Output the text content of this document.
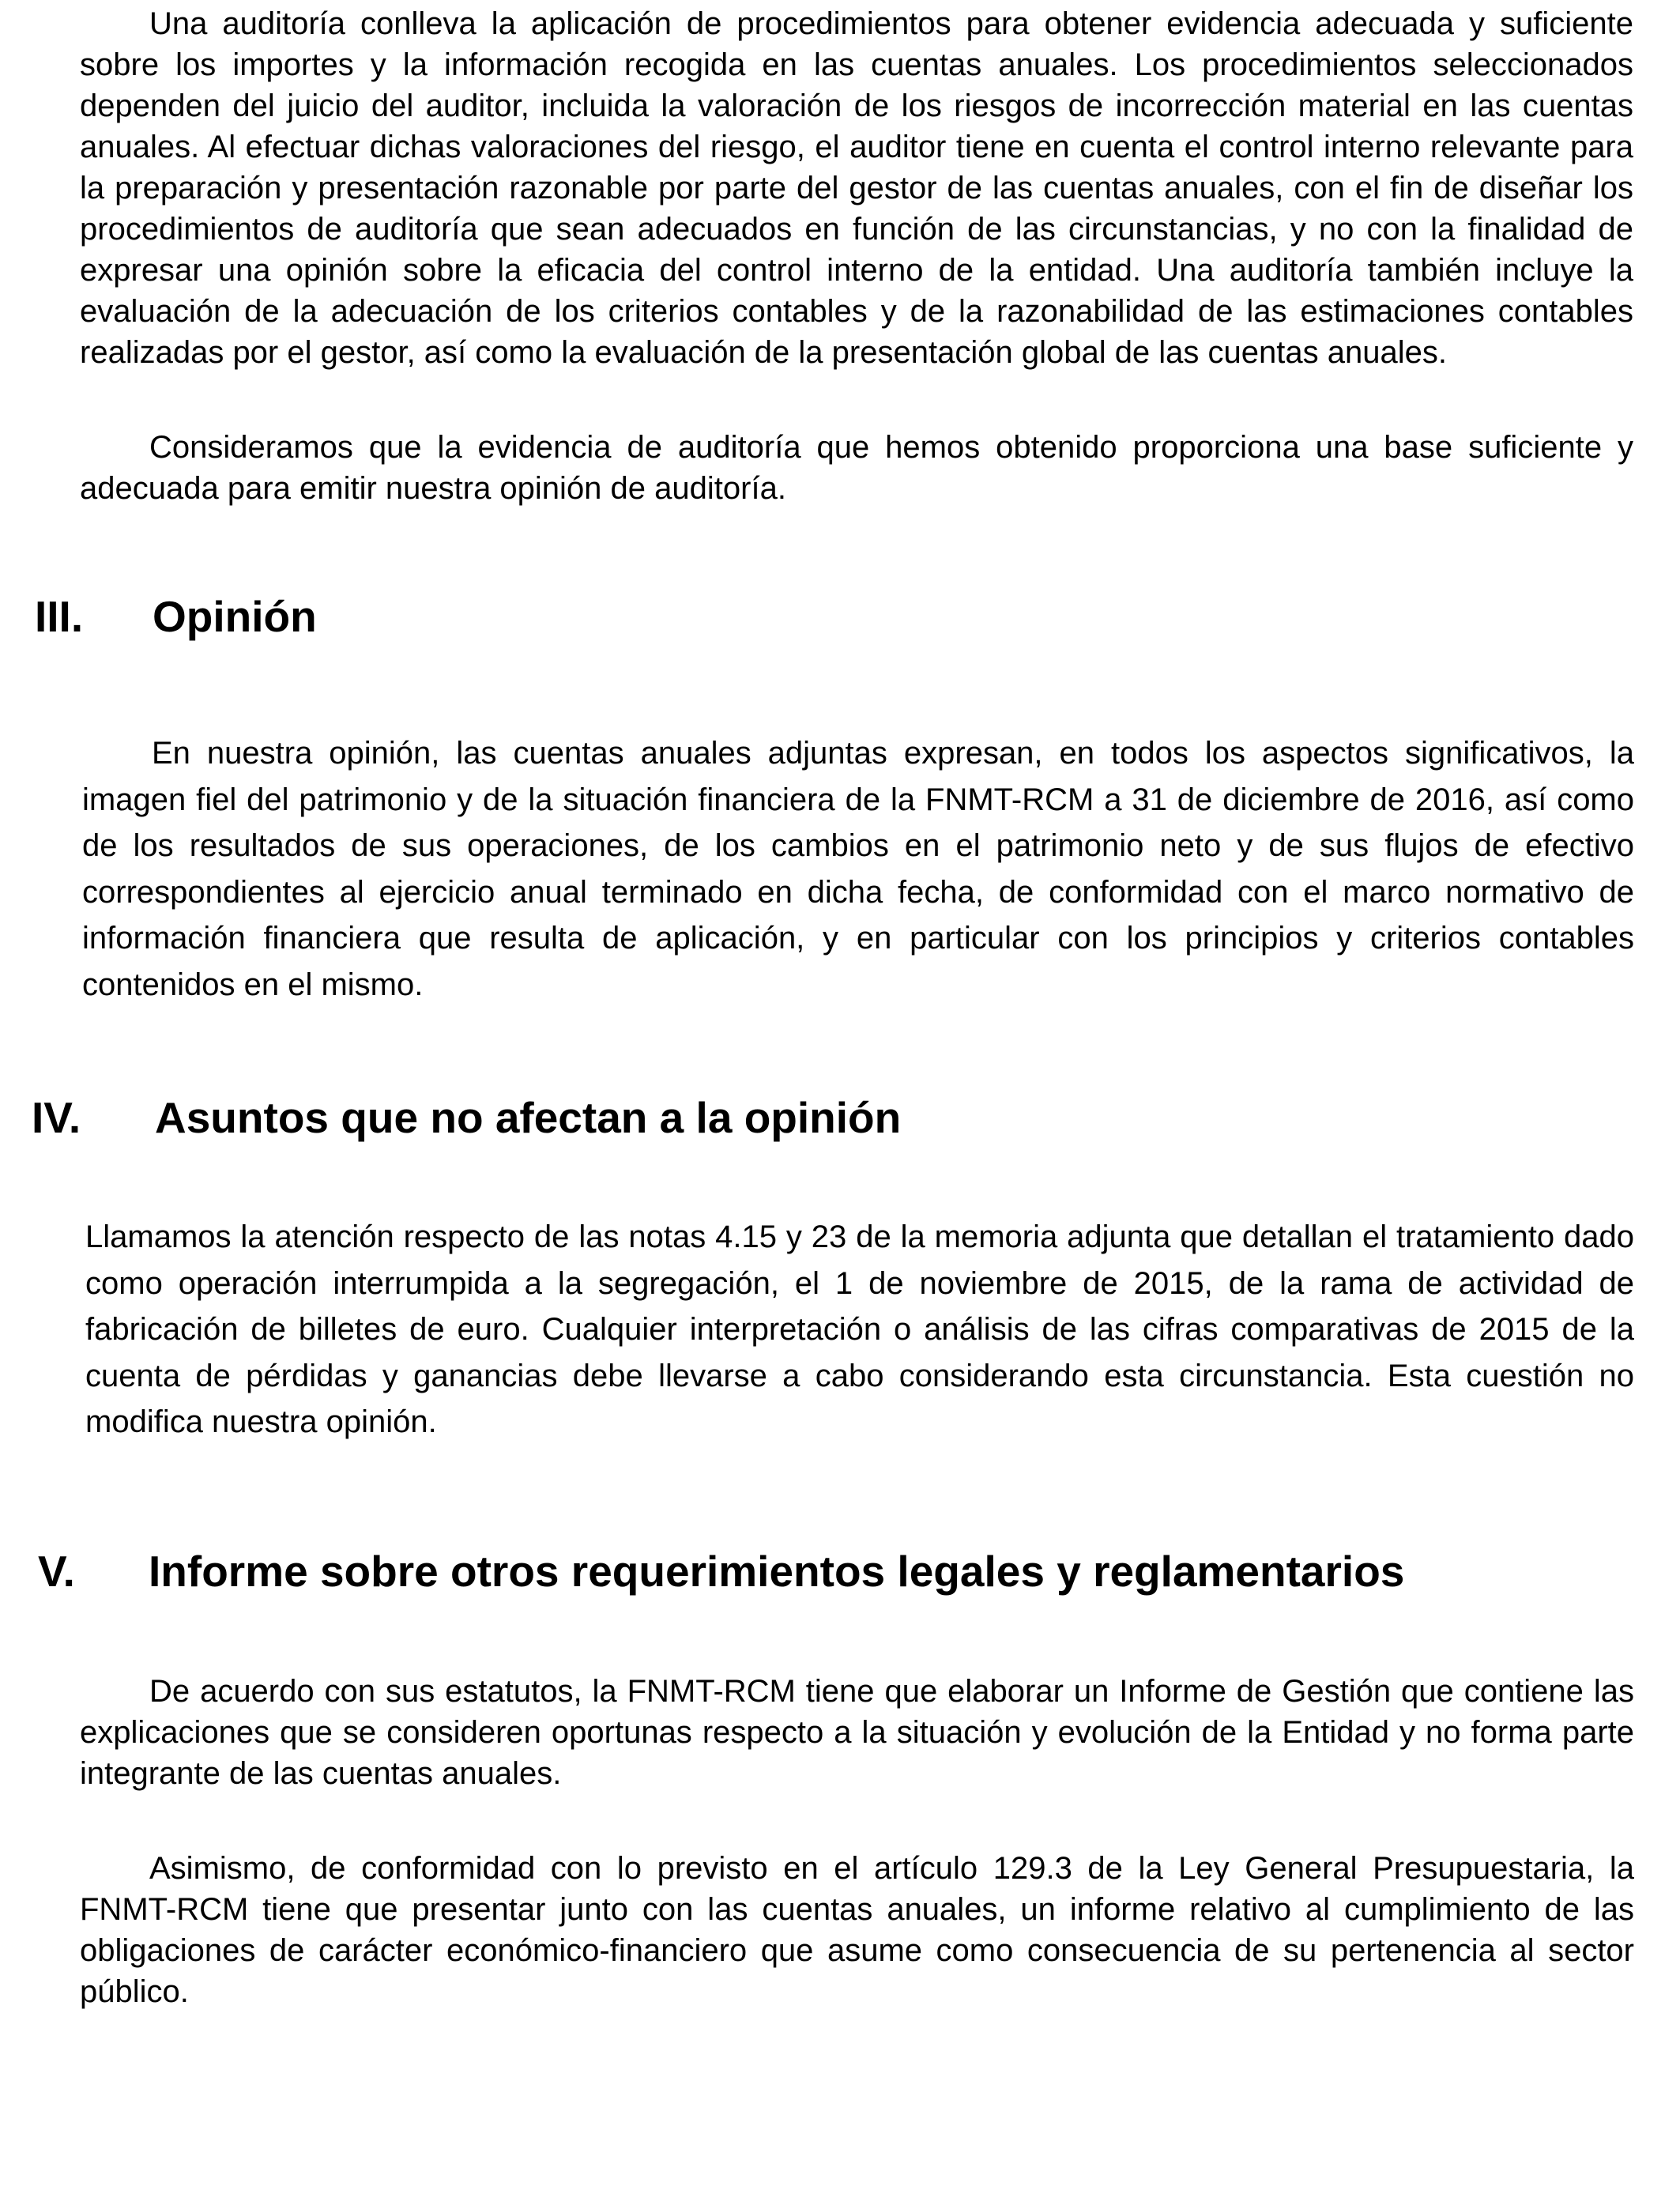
Una auditoría conlleva la aplicación de procedimientos para obtener evidencia adecuada y suficiente sobre los importes y la información recogida en las cuentas anuales. Los procedimientos seleccionados dependen del juicio del auditor, incluida la valoración de los riesgos de incorrección material en las cuentas anuales. Al efectuar dichas valoraciones del riesgo, el auditor tiene en cuenta el control interno relevante para la preparación y presentación razonable por parte del gestor de las cuentas anuales, con el fin de diseñar los procedimientos de auditoría que sean adecuados en función de las circunstancias, y no con la finalidad de expresar una opinión sobre la eficacia del control interno de la entidad. Una auditoría también incluye la evaluación de la adecuación de los criterios contables y de la razonabilidad de las estimaciones contables realizadas por el gestor, así como la evaluación de la presentación global de las cuentas anuales.

Consideramos que la evidencia de auditoría que hemos obtenido proporciona una base suficiente y adecuada para emitir nuestra opinión de auditoría.

III. Opinión

En nuestra opinión, las cuentas anuales adjuntas expresan, en todos los aspectos significativos, la imagen fiel del patrimonio y de la situación financiera de la FNMT-RCM a 31 de diciembre de 2016, así como de los resultados de sus operaciones, de los cambios en el patrimonio neto y de sus flujos de efectivo correspondientes al ejercicio anual terminado en dicha fecha, de conformidad con el marco normativo de información financiera que resulta de aplicación, y en particular con los principios y criterios contables contenidos en el mismo.

IV. Asuntos que no afectan a la opinión

Llamamos la atención respecto de las notas 4.15 y 23 de la memoria adjunta que detallan el tratamiento dado como operación interrumpida a la segregación, el 1 de noviembre de 2015, de la rama de actividad de fabricación de billetes de euro. Cualquier interpretación o análisis de las cifras comparativas de 2015 de la cuenta de pérdidas y ganancias debe llevarse a cabo considerando esta circunstancia. Esta cuestión no modifica nuestra opinión.

V. Informe sobre otros requerimientos legales y reglamentarios

De acuerdo con sus estatutos, la FNMT-RCM tiene que elaborar un Informe de Gestión que contiene las explicaciones que se consideren oportunas respecto a la situación y evolución de la Entidad y no forma parte integrante de las cuentas anuales.

Asimismo, de conformidad con lo previsto en el artículo 129.3 de la Ley General Presupuestaria, la FNMT-RCM tiene que presentar junto con las cuentas anuales, un informe relativo al cumplimiento de las obligaciones de carácter económico-financiero que asume como consecuencia de su pertenencia al sector público.
